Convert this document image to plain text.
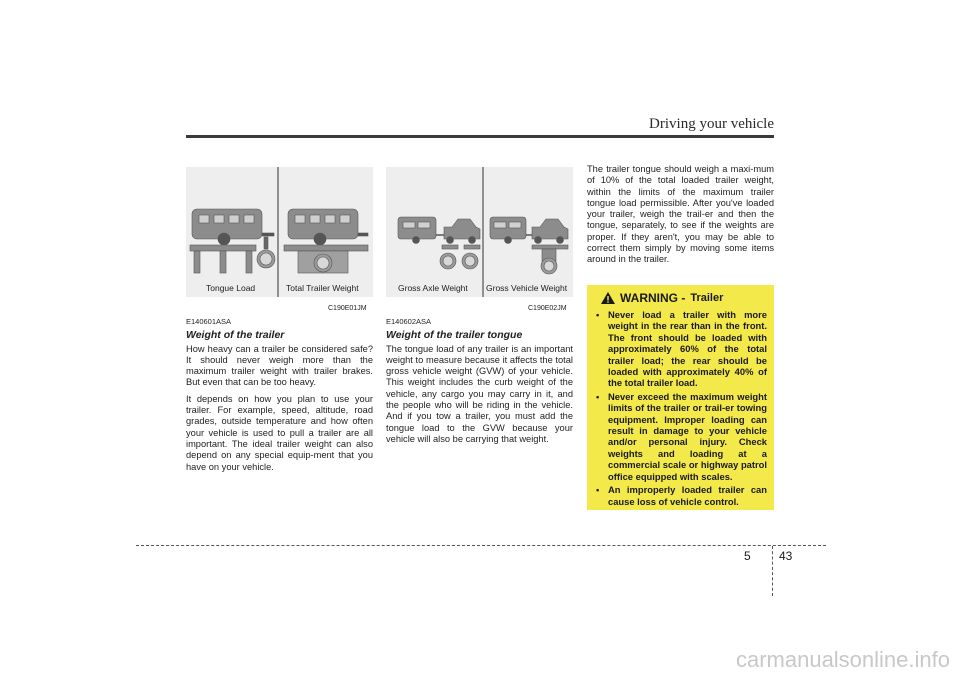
Driving your vehicle
Tongue Load	Total Trailer Weight
C190E01JM
Gross Axle Weight Gross Vehicle Weight
C190E02JM

E140601ASA

Weight of the trailer

How heavy can a trailer be considered safe? It should never weigh more than the maximum trailer weight with trailer brakes. But even that can be too heavy.

It depends on how you plan to use your trailer. For example, speed, altitude, road grades, outside temperature and how often your vehicle is used to pull a trailer are all important. The ideal trailer weight can also depend on any special equip-ment that you have on your vehicle.

E140602ASA

Weight of the trailer tongue

The tongue load of any trailer is an important weight to measure because it affects the total gross vehicle weight (GVW) of your vehicle. This weight includes the curb weight of the vehicle, any cargo you may carry in it, and the people who will be riding in the vehicle. And if you tow a trailer, you must add the tongue load to the GVW because your vehicle will also be carrying that weight.

The trailer tongue should weigh a maxi-mum of 10% of the total loaded trailer weight, within the limits of the maximum trailer tongue load permissible. After you've loaded your trailer, weigh the trail-er and then the tongue, separately, to see if the weights are proper. If they aren't, you may be able to correct them simply by moving some items around in the trailer.

WARNING - Trailer
• Never load a trailer with more weight in the rear than in the front. The front should be loaded with approximately 60% of the total trailer load; the rear should be loaded with approximately 40% of the total trailer load.
• Never exceed the maximum weight limits of the trailer or trail-er towing equipment. Improper loading can result in damage to your vehicle and/or personal injury. Check weights and loading at a commercial scale or highway patrol office equipped with scales.
• An improperly loaded trailer can cause loss of vehicle control.
5 43
carmanualsonline.info
